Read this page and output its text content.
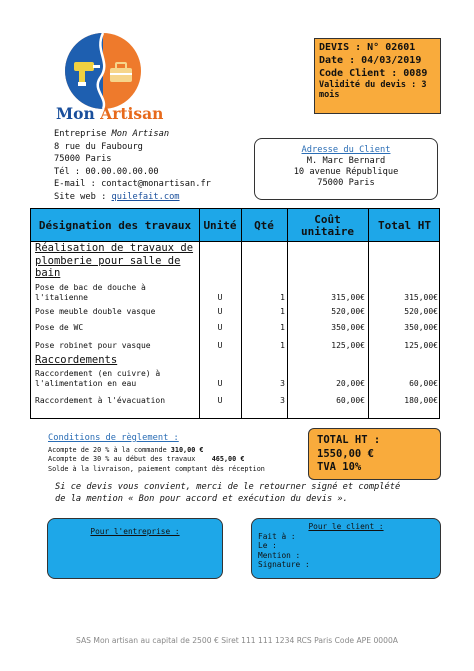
Mon Artisan
DEVIS : N° 02601
Date : 04/03/2019
Code Client : 0089
Validité du devis : 3
mois
Entreprise Mon Artisan
8 rue du Faubourg
75000 Paris
Tél : 00.00.00.00.00
E-mail : contact@monartisan.fr
Site web : quilefait.com
Adresse du Client
M. Marc Bernard
10 avenue République
75000 Paris
Désignation des travaux	Unité	Qté	Coût unitaire	Total HT
Réalisation de travaux de
plomberie pour salle de
bain
Pose de bac de douche à
l'italienne	U	1	315,00€	315,00€
Pose meuble double vasque	U	1	520,00€	520,00€
Pose de WC	U	1	350,00€	350,00€
Pose robinet pour vasque	U	1	125,00€	125,00€
Raccordements
Raccordement (en cuivre) à
l'alimentation en eau	U	3	20,00€	60,00€
Raccordement à l'évacuation	U	3	60,00€	180,00€
Conditions de règlement :
Acompte de 20 % à la commande 310,00 €
Acompte de 30 % au début des travaux    465,00 €
Solde à la livraison, paiement comptant dès réception
TOTAL HT :
1550,00 €
TVA 10%
Si ce devis vous convient, merci de le retourner signé et complété
de la mention « Bon pour accord et exécution du devis ».
Pour l'entreprise :
Pour le client :
Fait à :
Le :
Mention :
Signature :
SAS Mon artisan au capital de 2500 € Siret 111 111 1234 RCS Paris Code APE 0000A
